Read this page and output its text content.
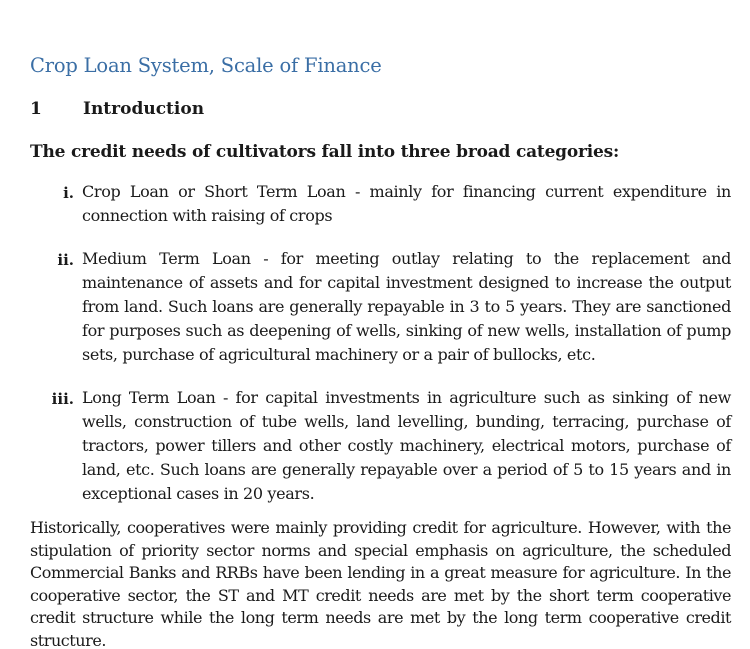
Crop Loan System, Scale of Finance
1 Introduction
The credit needs of cultivators fall into three broad categories:
i. Crop Loan or Short Term Loan - mainly for financing current expenditure in connection with raising of crops
ii. Medium Term Loan - for meeting outlay relating to the replacement and maintenance of assets and for capital investment designed to increase the output from land. Such loans are generally repayable in 3 to 5 years. They are sanctioned for purposes such as deepening of wells, sinking of new wells, installation of pump sets, purchase of agricultural machinery or a pair of bullocks, etc.
iii. Long Term Loan - for capital investments in agriculture such as sinking of new wells, construction of tube wells, land levelling, bunding, terracing, purchase of tractors, power tillers and other costly machinery, electrical motors, purchase of land, etc. Such loans are generally repayable over a period of 5 to 15 years and in exceptional cases in 20 years.
Historically, cooperatives were mainly providing credit for agriculture. However, with the stipulation of priority sector norms and special emphasis on agriculture, the scheduled Commercial Banks and RRBs have been lending in a great measure for agriculture. In the cooperative sector, the ST and MT credit needs are met by the short term cooperative credit structure while the long term needs are met by the long term cooperative credit structure.
